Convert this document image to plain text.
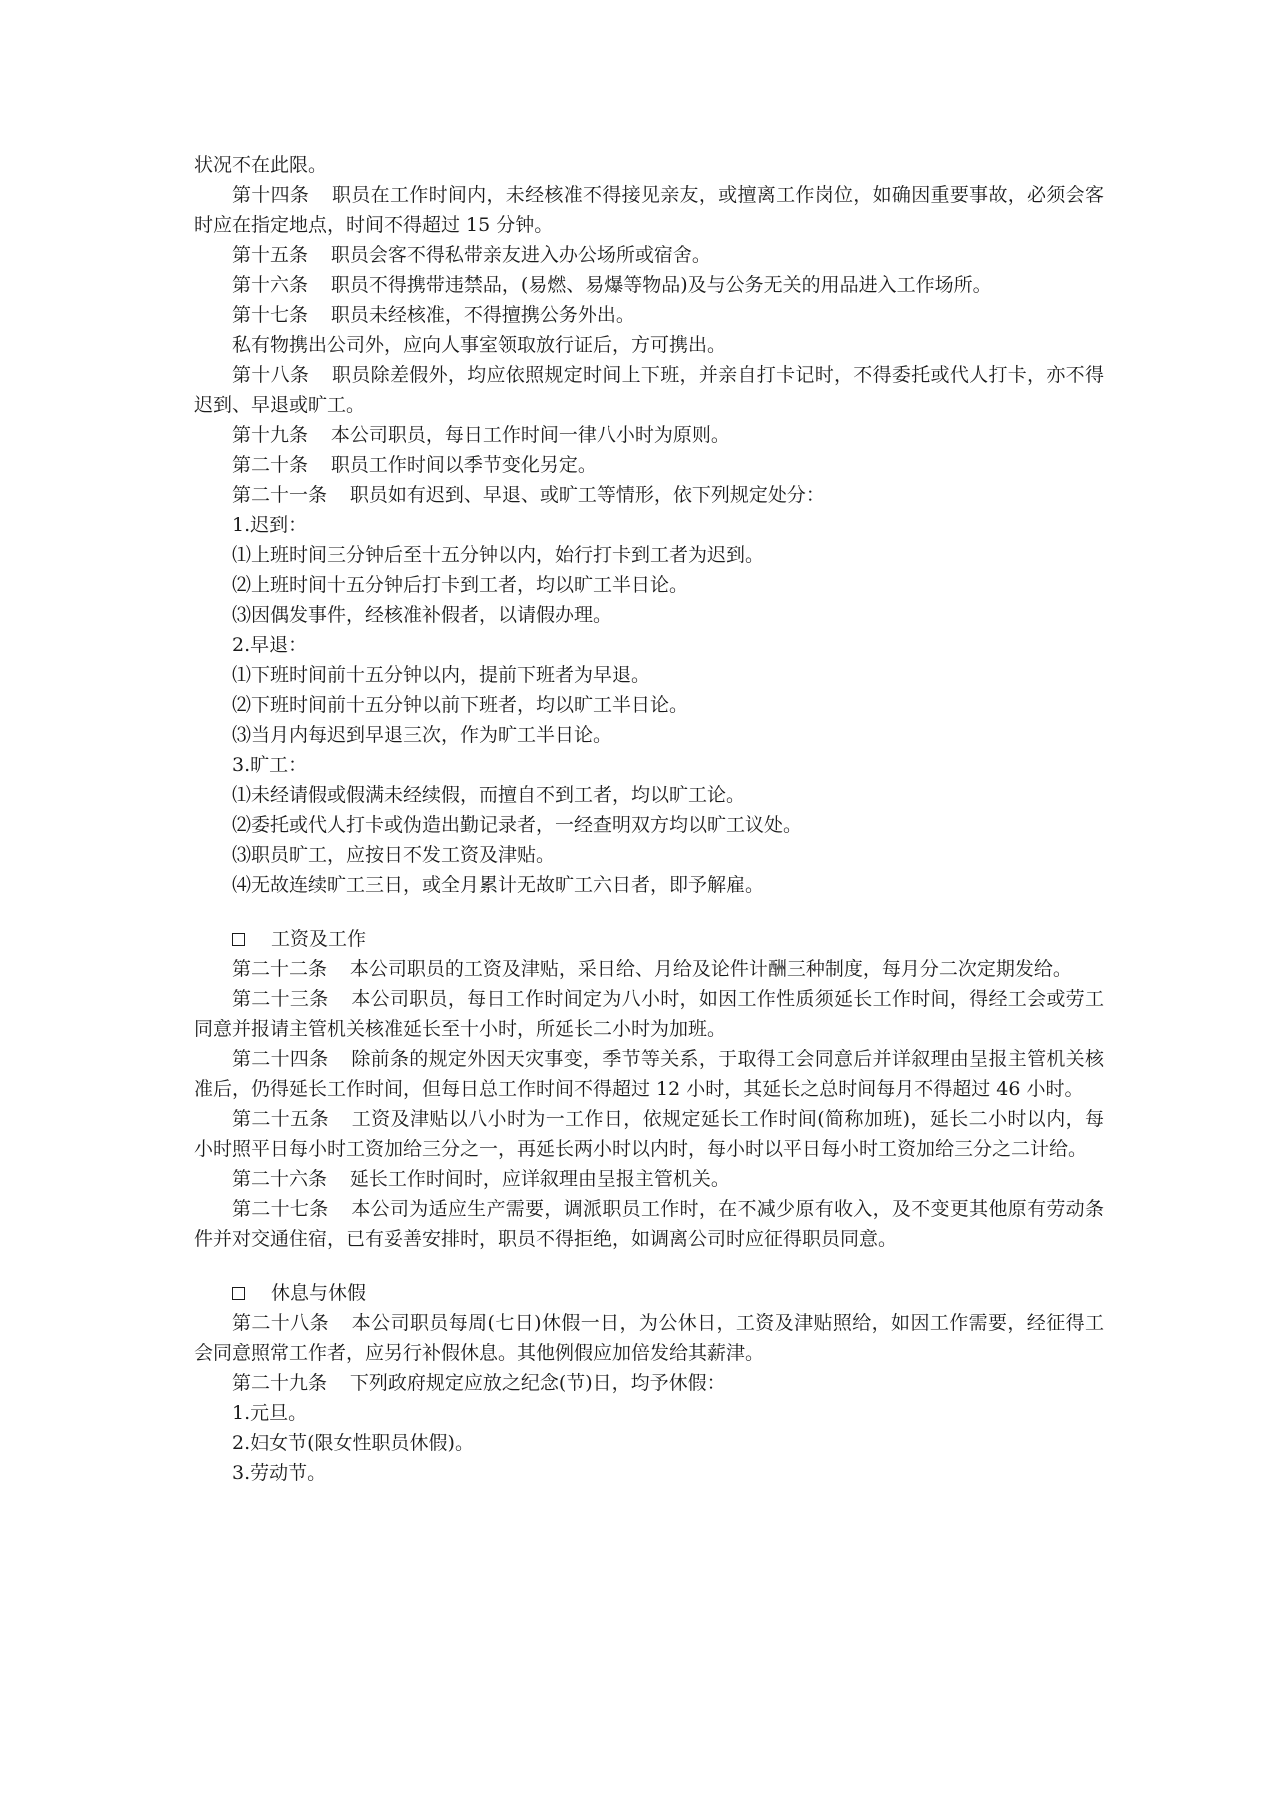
状况不在此限。

第十四条 职员在工作时间内，未经核准不得接见亲友，或擅离工作岗位，如确因重要事故，必须会客时应在指定地点，时间不得超过 15 分钟。

第十五条 职员会客不得私带亲友进入办公场所或宿舍。

第十六条 职员不得携带违禁品，(易燃、易爆等物品)及与公务无关的用品进入工作场所。

第十七条 职员未经核准，不得擅携公务外出。

私有物携出公司外，应向人事室领取放行证后，方可携出。

第十八条 职员除差假外，均应依照规定时间上下班，并亲自打卡记时，不得委托或代人打卡，亦不得迟到、早退或旷工。

第十九条 本公司职员，每日工作时间一律八小时为原则。

第二十条 职员工作时间以季节变化另定。

第二十一条 职员如有迟到、早退、或旷工等情形，依下列规定处分：

1.迟到：

⑴上班时间三分钟后至十五分钟以内，始行打卡到工者为迟到。

⑵上班时间十五分钟后打卡到工者，均以旷工半日论。

⑶因偶发事件，经核准补假者，以请假办理。

2.早退：

⑴下班时间前十五分钟以内，提前下班者为早退。

⑵下班时间前十五分钟以前下班者，均以旷工半日论。

⑶当月内每迟到早退三次，作为旷工半日论。

3.旷工：

⑴未经请假或假满未经续假，而擅自不到工者，均以旷工论。

⑵委托或代人打卡或伪造出勤记录者，一经查明双方均以旷工议处。

⑶职员旷工，应按日不发工资及津贴。

⑷无故连续旷工三日，或全月累计无故旷工六日者，即予解雇。

工资及工作

第二十二条 本公司职员的工资及津贴，采日给、月给及论件计酬三种制度，每月分二次定期发给。

第二十三条 本公司职员，每日工作时间定为八小时，如因工作性质须延长工作时间，得经工会或劳工同意并报请主管机关核准延长至十小时，所延长二小时为加班。

第二十四条 除前条的规定外因天灾事变，季节等关系，于取得工会同意后并详叙理由呈报主管机关核准后，仍得延长工作时间，但每日总工作时间不得超过 12 小时，其延长之总时间每月不得超过 46 小时。

第二十五条 工资及津贴以八小时为一工作日，依规定延长工作时间(简称加班)，延长二小时以内，每小时照平日每小时工资加给三分之一，再延长两小时以内时，每小时以平日每小时工资加给三分之二计给。

第二十六条 延长工作时间时，应详叙理由呈报主管机关。

第二十七条 本公司为适应生产需要，调派职员工作时，在不减少原有收入，及不变更其他原有劳动条件并对交通住宿，已有妥善安排时，职员不得拒绝，如调离公司时应征得职员同意。

休息与休假

第二十八条 本公司职员每周(七日)休假一日，为公休日，工资及津贴照给，如因工作需要，经征得工会同意照常工作者，应另行补假休息。其他例假应加倍发给其薪津。

第二十九条 下列政府规定应放之纪念(节)日，均予休假：

1.元旦。

2.妇女节(限女性职员休假)。

3.劳动节。
